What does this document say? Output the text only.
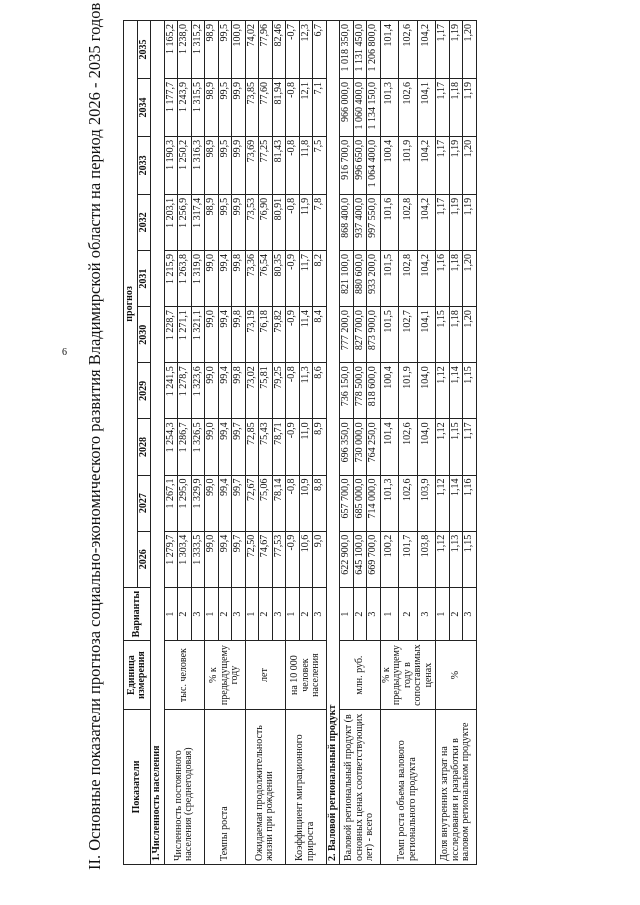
6 II. Основные показатели прогноза социально-экономического развития Владимирской области на период 2026 - 2035 годов	Показатели	Единица измерения	Варианты	прогноз									
			2026	2027	2028	2029	2030	2031	2032	2033	2034	2035
1.Численность населения												
Численность постоянного населения (среднегодовая)	тыс. человек	1	1 279,7	1 267,1	1 254,3	1 241,5	1 228,7	1 215,9	1 203,1	1 190,3	1 177,7	1 165,2
		2	1 303,4	1 295,0	1 286,7	1 278,7	1 271,1	1 263,8	1 256,9	1 250,2	1 243,9	1 238,0
		3	1 333,5	1 329,9	1 326,5	1 323,6	1 321,1	1 319,0	1 317,4	1 316,3	1 315,5	1 315,2
Темпы роста	% к предыдущему году	1	99,0	99,0	99,0	99,0	99,0	99,0	98,9	98,9	98,9	98,9
		2	99,4	99,4	99,4	99,4	99,4	99,4	99,5	99,5	99,5	99,5
		3	99,7	99,7	99,7	99,8	99,8	99,8	99,9	99,9	99,9	100,0
Ожидаемая продолжительность жизни при рождении	лет	1	72,50	72,67	72,85	73,02	73,19	73,36	73,53	73,69	73,85	74,02
		2	74,67	75,06	75,43	75,81	76,18	76,54	76,90	77,25	77,60	77,96
		3	77,53	78,14	78,71	79,25	79,82	80,35	80,91	81,43	81,94	82,46
Коэффициент миграционного прироста	на 10 000 человек населения	1	-0,9	-0,8	-0,9	-0,8	-0,9	-0,9	-0,8	-0,8	-0,8	-0,7
		2	10,6	10,9	11,0	11,3	11,4	11,7	11,9	11,8	12,1	12,3
		3	9,0	8,8	8,9	8,6	8,4	8,2	7,8	7,5	7,1	6,7
2. Валовой региональный продукт												
Валовой региональный продукт (в основных ценах соответствующих лет) - всего	млн. руб.	1	622 900,0	657 700,0	696 350,0	736 150,0	777 200,0	821 100,0	868 400,0	916 700,0	966 000,0	1 018 350,0
		2	645 100,0	685 000,0	730 000,0	778 500,0	827 700,0	880 600,0	937 400,0	996 650,0	1 060 400,0	1 131 450,0
		3	669 700,0	714 000,0	764 250,0	818 600,0	873 900,0	933 200,0	997 550,0	1 064 400,0	1 134 150,0	1 206 800,0
Темп роста объема валового регионального продукта	% к предыдущему году в сопоставимых ценах	1	100,2	101,3	101,4	100,4	101,5	101,5	101,6	100,4	101,3	101,4
		2	101,7	102,6	102,6	101,9	102,7	102,8	102,8	101,9	102,6	102,6
		3	103,8	103,9	104,0	104,0	104,1	104,2	104,2	104,2	104,1	104,2
Доля внутренних затрат на исследования и разработки в валовом региональном продукте	%	1	1,12	1,12	1,12	1,12	1,15	1,16	1,17	1,17	1,17	1,17
		2	1,13	1,14	1,15	1,14	1,18	1,18	1,19	1,19	1,18	1,19
		3	1,15	1,16	1,17	1,15	1,20	1,20	1,19	1,20	1,19	1,20
